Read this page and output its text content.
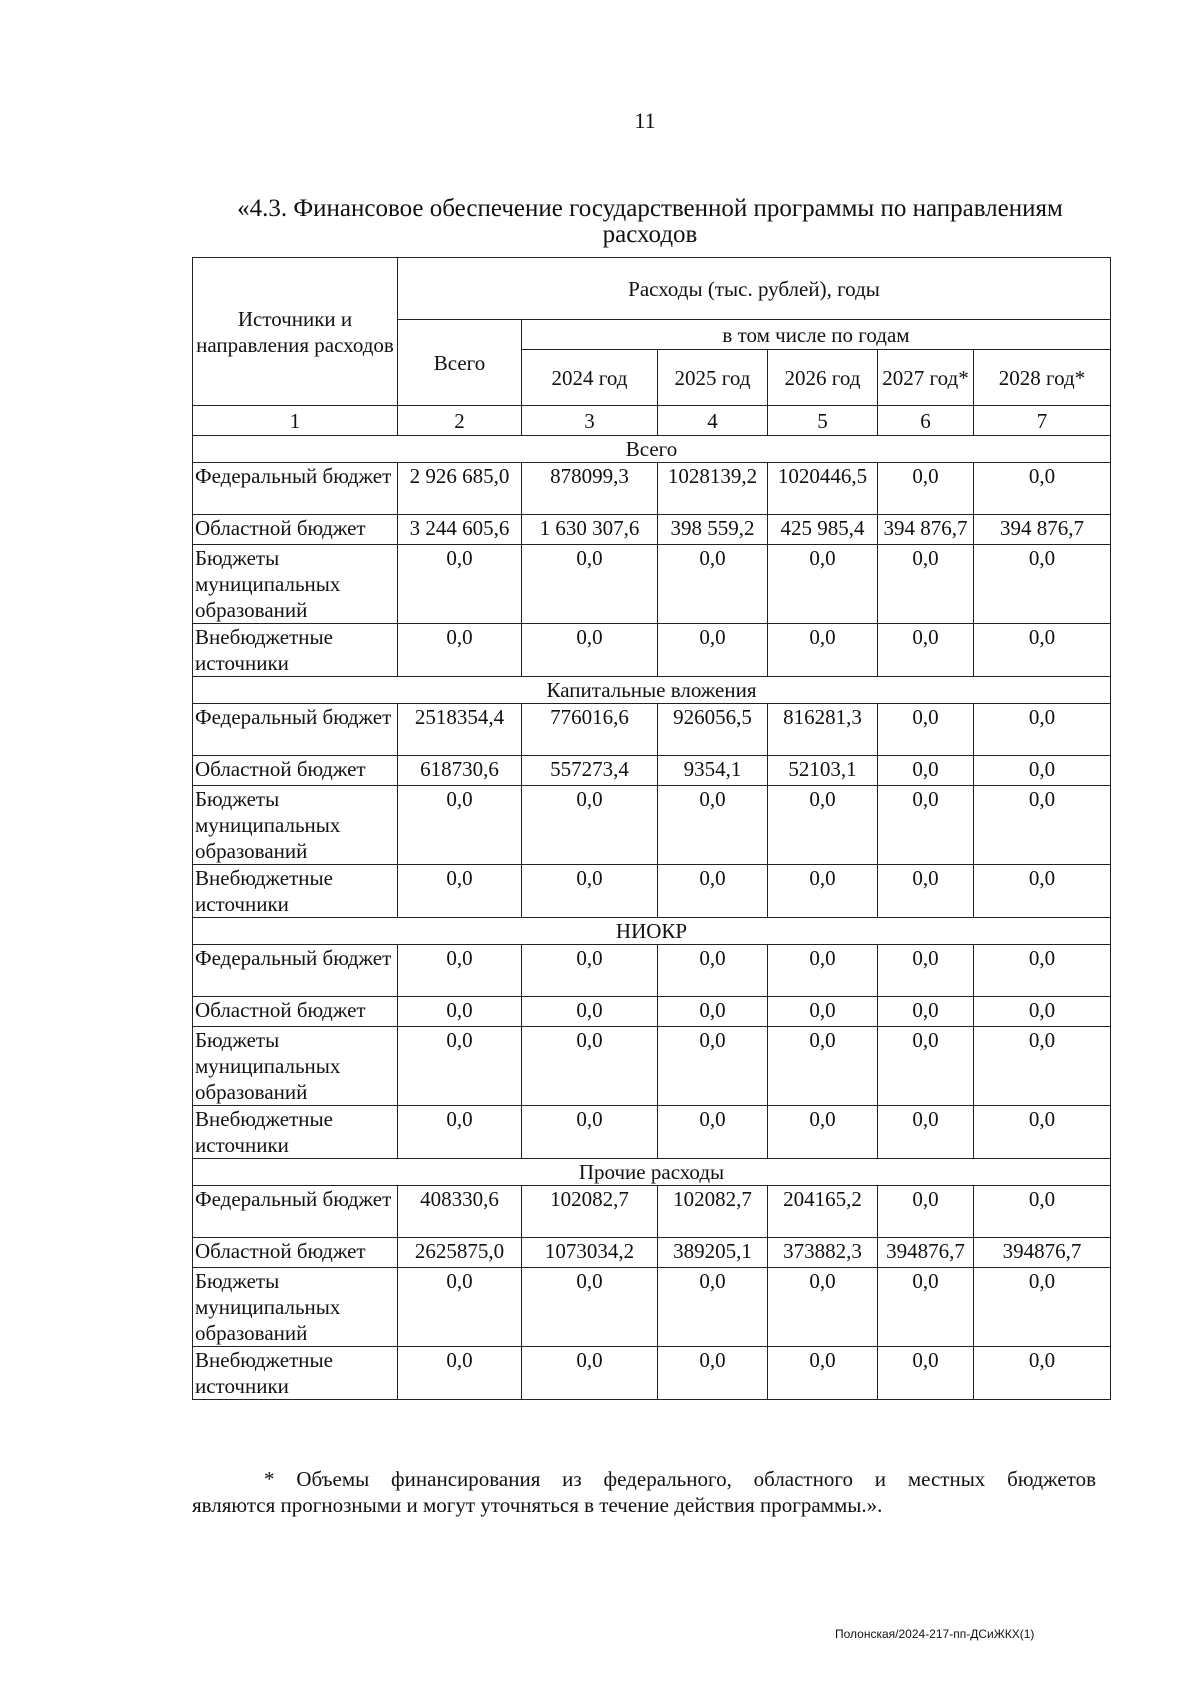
11
«4.3. Финансовое обеспечение государственной программы по направлениям
расходов
Источники и направления расходов	Расходы (тыс. рублей), годы					
	Всего	в том числе по годам				
		2024 год	2025 год	2026 год	2027 год*	2028 год*
1	2	3	4	5	6	7
Всего						
Федеральный бюджет	2 926 685,0	878099,3	1028139,2	1020446,5	0,0	0,0
Областной бюджет	3 244 605,6	1 630 307,6	398 559,2	425 985,4	394 876,7	394 876,7
Бюджеты муниципальных образований	0,0	0,0	0,0	0,0	0,0	0,0
Внебюджетные источники	0,0	0,0	0,0	0,0	0,0	0,0
Капитальные вложения						
Федеральный бюджет	2518354,4	776016,6	926056,5	816281,3	0,0	0,0
Областной бюджет	618730,6	557273,4	9354,1	52103,1	0,0	0,0
Бюджеты муниципальных образований	0,0	0,0	0,0	0,0	0,0	0,0
Внебюджетные источники	0,0	0,0	0,0	0,0	0,0	0,0
НИОКР						
Федеральный бюджет	0,0	0,0	0,0	0,0	0,0	0,0
Областной бюджет	0,0	0,0	0,0	0,0	0,0	0,0
Бюджеты муниципальных образований	0,0	0,0	0,0	0,0	0,0	0,0
Внебюджетные источники	0,0	0,0	0,0	0,0	0,0	0,0
Прочие расходы						
Федеральный бюджет	408330,6	102082,7	102082,7	204165,2	0,0	0,0
Областной бюджет	2625875,0	1073034,2	389205,1	373882,3	394876,7	394876,7
Бюджеты муниципальных образований	0,0	0,0	0,0	0,0	0,0	0,0
Внебюджетные источники	0,0	0,0	0,0	0,0	0,0	0,0
* Объемы финансирования из федерального, областного и местных бюджетов
являются прогнозными и могут уточняться в течение действия программы.».
Полонская/2024-217-пп-ДСиЖКХ(1)
